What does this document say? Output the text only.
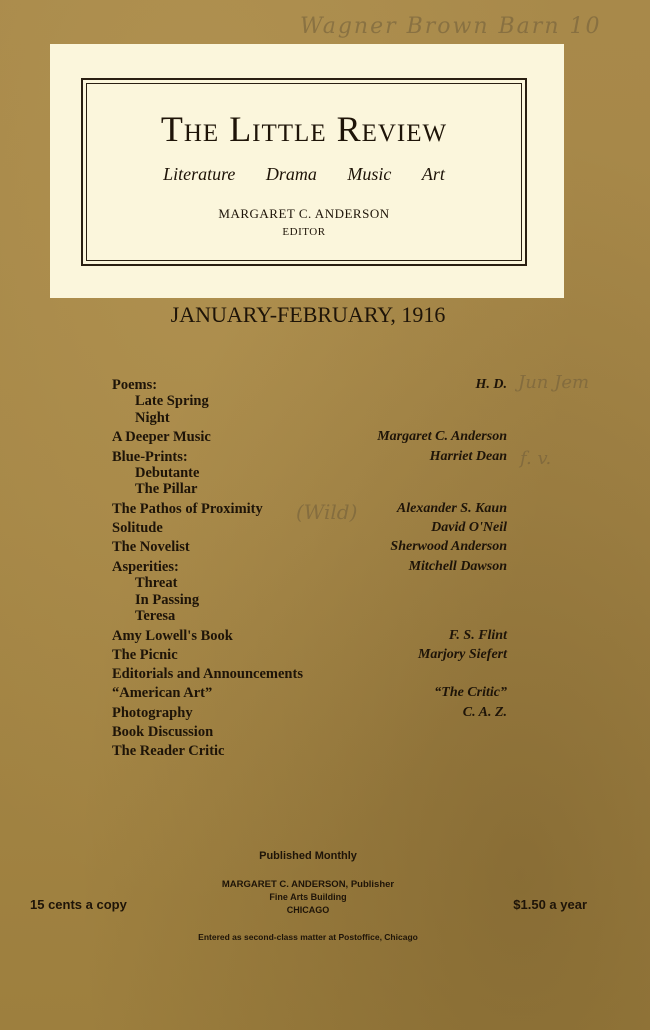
Wagner Brown Barn 10
The Little Review
Literature Drama Music Art
MARGARET C. ANDERSON
EDITOR
JANUARY-FEBRUARY, 1916
Jun Jem
f. v.
(Wild)
Poems:	H. D.
Late Spring
Night
A Deeper Music	Margaret C. Anderson
Blue-Prints:	Harriet Dean
Debutante
The Pillar
The Pathos of Proximity	Alexander S. Kaun
Solitude	David O'Neil
The Novelist	Sherwood Anderson
Asperities:	Mitchell Dawson
Threat
In Passing
Teresa
Amy Lowell's Book	F. S. Flint
The Picnic	Marjory Siefert
Editorials and Announcements
“American Art”	“The Critic”
Photography	C. A. Z.
Book Discussion
The Reader Critic
Published Monthly
MARGARET C. ANDERSON, Publisher
Fine Arts Building
CHICAGO
15 cents a copy	$1.50 a year
Entered as second-class matter at Postoffice, Chicago
